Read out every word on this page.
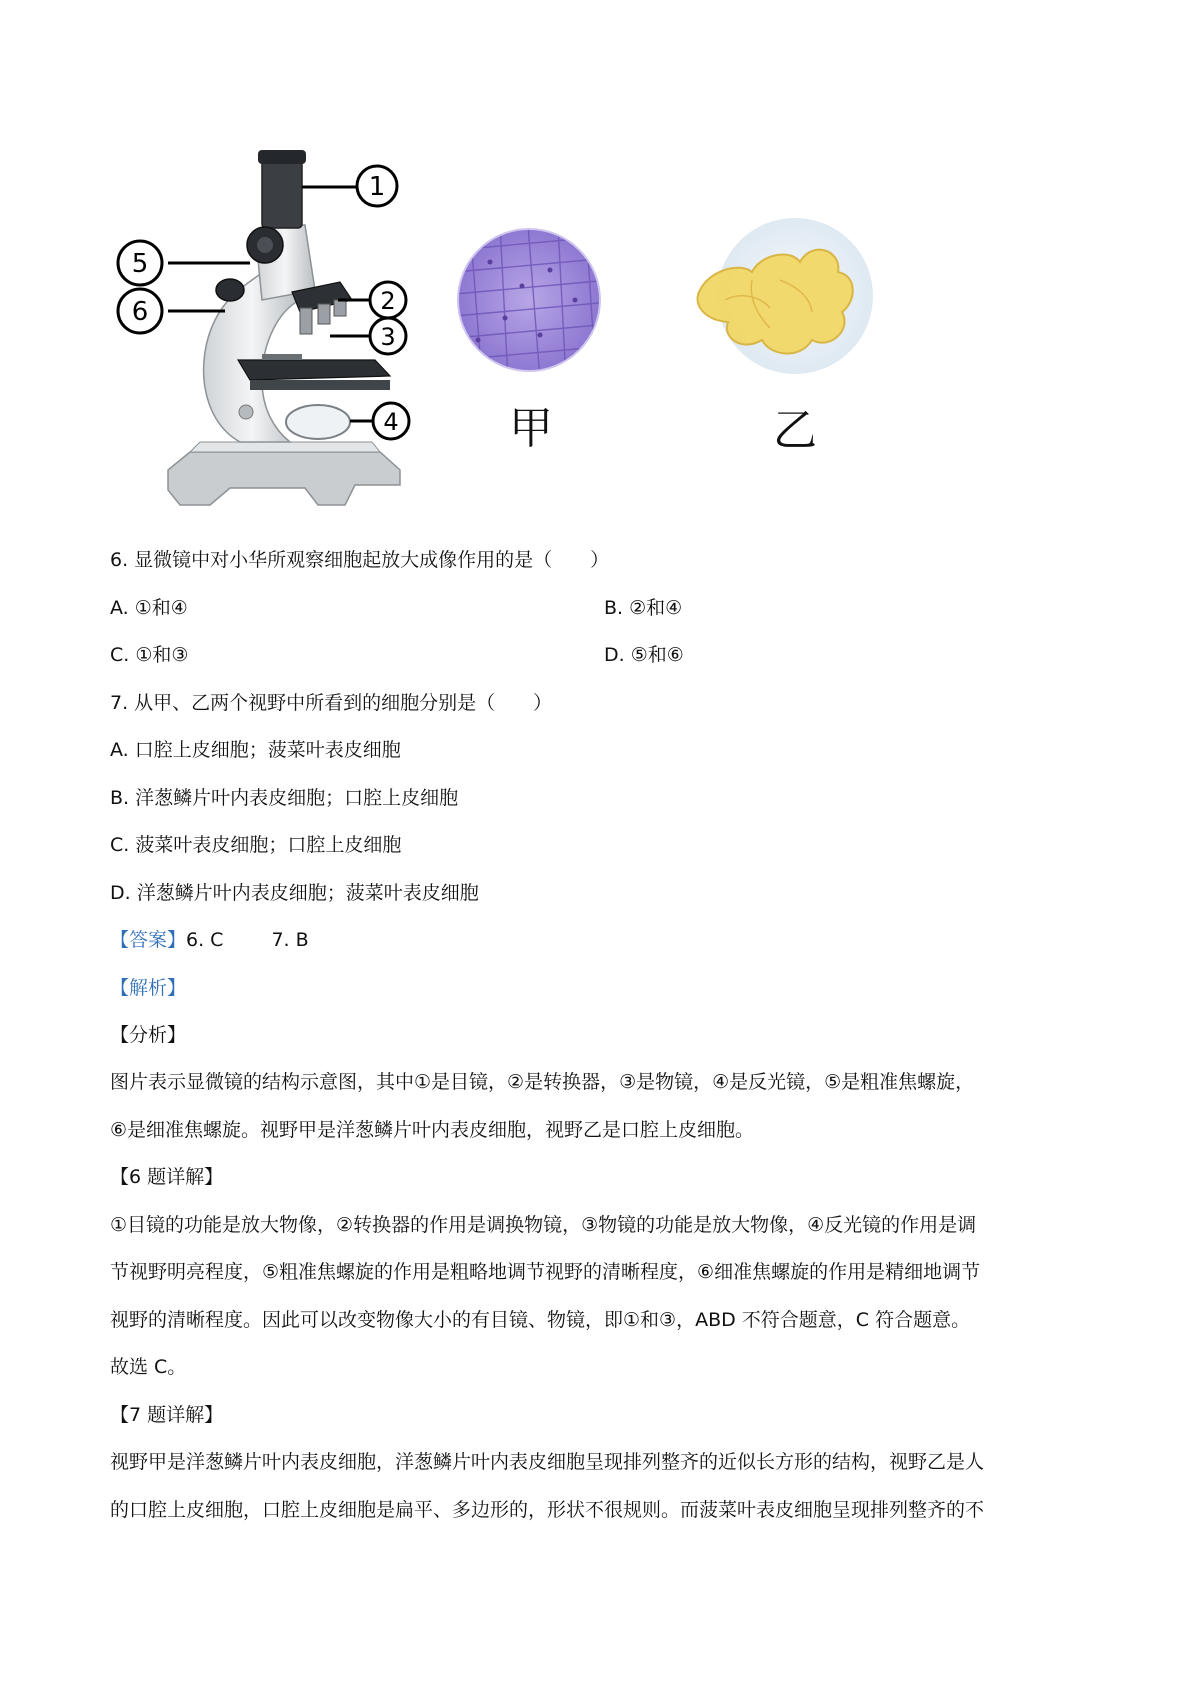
1
5
6	2
3
4	甲	乙
6. 显微镜中对小华所观察细胞起放大成像作用的是（　　）
A. ①和④	B. ②和④
C. ①和③	D. ⑤和⑥
7. 从甲、乙两个视野中所看到的细胞分别是（　　）
A. 口腔上皮细胞；菠菜叶表皮细胞
B. 洋葱鳞片叶内表皮细胞；口腔上皮细胞
C. 菠菜叶表皮细胞；口腔上皮细胞
D. 洋葱鳞片叶内表皮细胞；菠菜叶表皮细胞
【答案】6. C	7. B
【解析】
【分析】
图片表示显微镜的结构示意图，其中①是目镜，②是转换器，③是物镜，④是反光镜，⑤是粗准焦螺旋，
⑥是细准焦螺旋。视野甲是洋葱鳞片叶内表皮细胞，视野乙是口腔上皮细胞。
【6 题详解】
①目镜的功能是放大物像，②转换器的作用是调换物镜，③物镜的功能是放大物像，④反光镜的作用是调
节视野明亮程度，⑤粗准焦螺旋的作用是粗略地调节视野的清晰程度，⑥细准焦螺旋的作用是精细地调节
视野的清晰程度。因此可以改变物像大小的有目镜、物镜，即①和③，ABD 不符合题意，C 符合题意。
故选 C。
【7 题详解】
视野甲是洋葱鳞片叶内表皮细胞，洋葱鳞片叶内表皮细胞呈现排列整齐的近似长方形的结构，视野乙是人
的口腔上皮细胞，口腔上皮细胞是扁平、多边形的，形状不很规则。而菠菜叶表皮细胞呈现排列整齐的不
